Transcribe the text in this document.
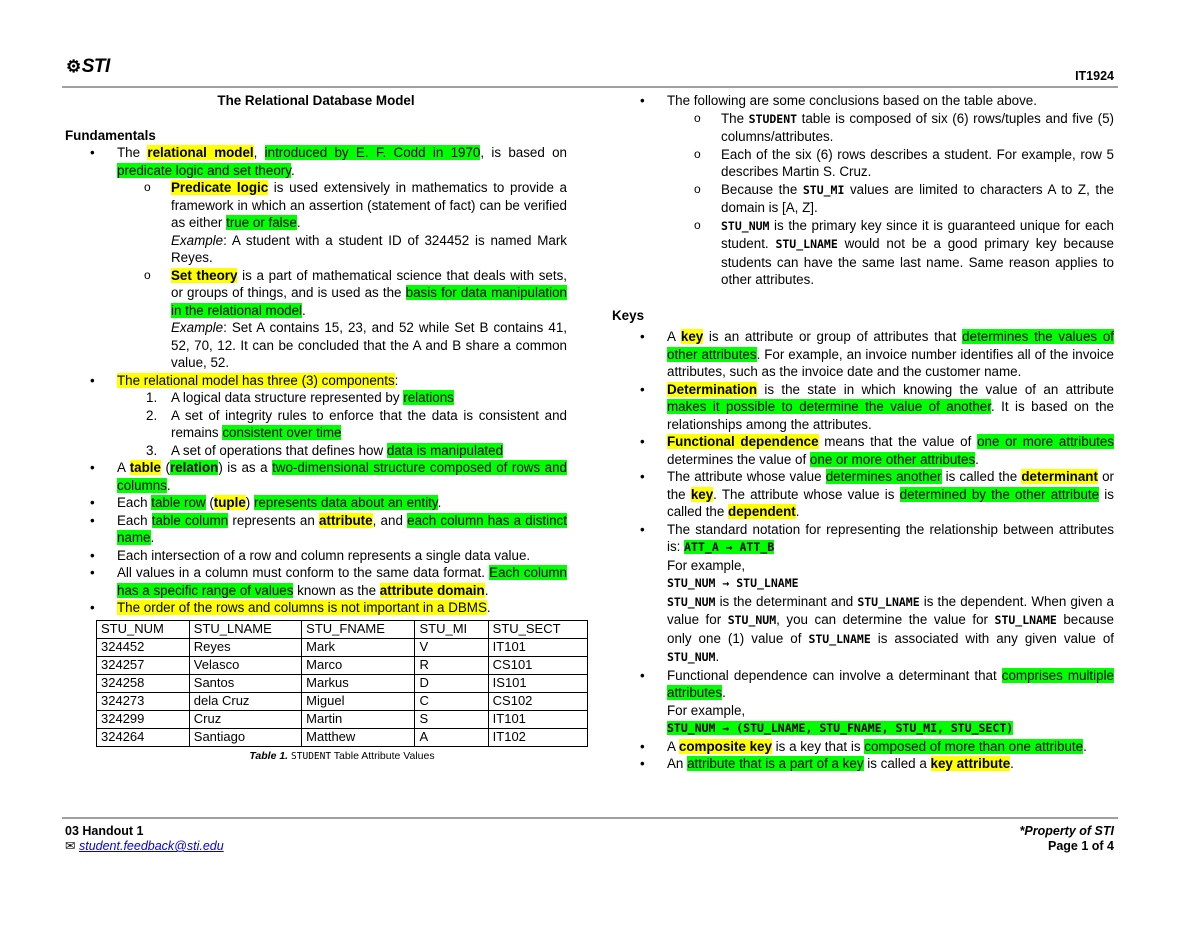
⚙STI	IT1924
The Relational Database Model
Fundamentals
• The relational model, introduced by E. F. Codd in 1970, is based on predicate logic and set theory.
o Predicate logic is used extensively in mathematics to provide a framework in which an assertion (statement of fact) can be verified as either true or false.
Example: A student with a student ID of 324452 is named Mark Reyes.
o Set theory is a part of mathematical science that deals with sets, or groups of things, and is used as the basis for data manipulation in the relational model.
Example: Set A contains 15, 23, and 52 while Set B contains 41, 52, 70, 12. It can be concluded that the A and B share a common value, 52.
• The relational model has three (3) components:
1. A logical data structure represented by relations
2. A set of integrity rules to enforce that the data is consistent and remains consistent over time
3. A set of operations that defines how data is manipulated
• A table (relation) is as a two-dimensional structure composed of rows and columns.
• Each table row (tuple) represents data about an entity.
• Each table column represents an attribute, and each column has a distinct name.
• Each intersection of a row and column represents a single data value.
• All values in a column must conform to the same data format. Each column has a specific range of values known as the attribute domain.
• The order of the rows and columns is not important in a DBMS.
STU_NUM	STU_LNAME	STU_FNAME	STU_MI	STU_SECT
324452	Reyes	Mark	V	IT101
324257	Velasco	Marco	R	CS101
324258	Santos	Markus	D	IS101
324273	dela Cruz	Miguel	C	CS102
324299	Cruz	Martin	S	IT101
324264	Santiago	Matthew	A	IT102
Table 1. STUDENT Table Attribute Values
• The following are some conclusions based on the table above.
o The STUDENT table is composed of six (6) rows/tuples and five (5) columns/attributes.
o Each of the six (6) rows describes a student. For example, row 5 describes Martin S. Cruz.
o Because the STU_MI values are limited to characters A to Z, the domain is [A, Z].
o STU_NUM is the primary key since it is guaranteed unique for each student. STU_LNAME would not be a good primary key because students can have the same last name. Same reason applies to other attributes.
Keys
• A key is an attribute or group of attributes that determines the values of other attributes. For example, an invoice number identifies all of the invoice attributes, such as the invoice date and the customer name.
• Determination is the state in which knowing the value of an attribute makes it possible to determine the value of another. It is based on the relationships among the attributes.
• Functional dependence means that the value of one or more attributes determines the value of one or more other attributes.
• The attribute whose value determines another is called the determinant or the key. The attribute whose value is determined by the other attribute is called the dependent.
• The standard notation for representing the relationship between attributes is: ATT_A → ATT_B
For example,
STU_NUM → STU_LNAME
STU_NUM is the determinant and STU_LNAME is the dependent. When given a value for STU_NUM, you can determine the value for STU_LNAME because only one (1) value of STU_LNAME is associated with any given value of STU_NUM.
• Functional dependence can involve a determinant that comprises multiple attributes.
For example,
STU_NUM → (STU_LNAME, STU_FNAME, STU_MI, STU_SECT)
• A composite key is a key that is composed of more than one attribute.
• An attribute that is a part of a key is called a key attribute.
03 Handout 1
✉ student.feedback@sti.edu
*Property of STI
Page 1 of 4
